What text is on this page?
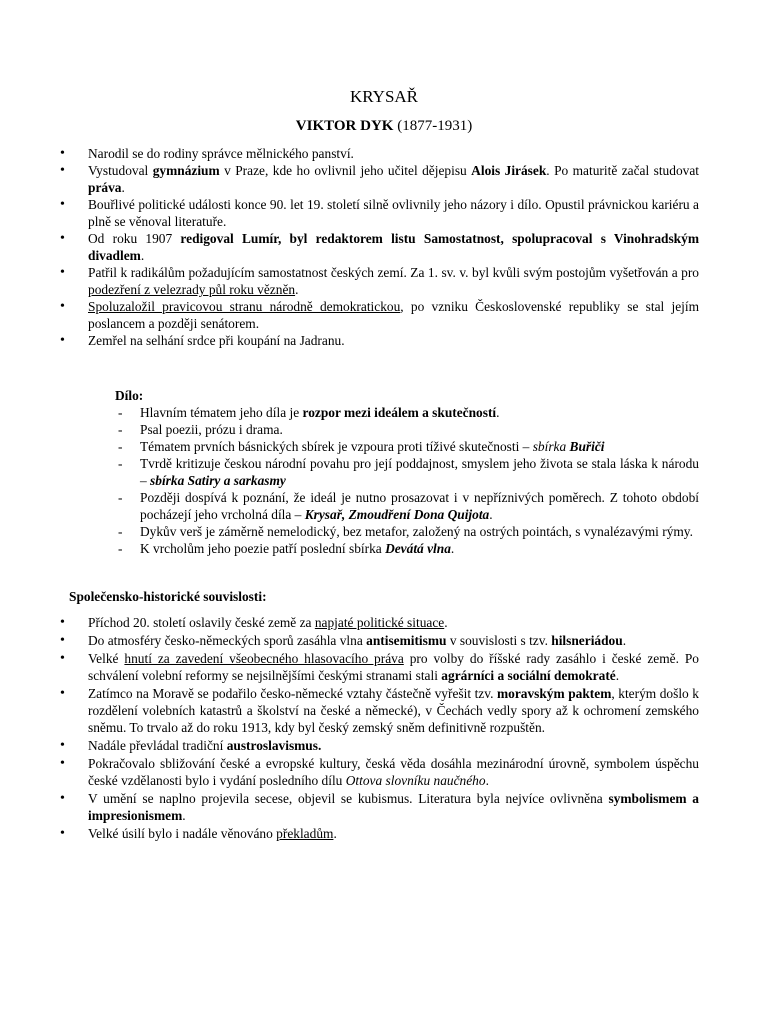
KRYSAŘ
VIKTOR DYK (1877-1931)
• Narodil se do rodiny správce mělnického panství.
• Vystudoval gymnázium v Praze, kde ho ovlivnil jeho učitel dějepisu Alois Jirásek. Po maturitě začal studovat práva.
• Bouřlivé politické události konce 90. let 19. století silně ovlivnily jeho názory i dílo. Opustil právnickou kariéru a plně se věnoval literatuře.
• Od roku 1907 redigoval Lumír, byl redaktorem listu Samostatnost, spolupracoval s Vinohradským divadlem.
• Patřil k radikálům požadujícím samostatnost českých zemí. Za 1. sv. v. byl kvůli svým postojům vyšetřován a pro podezření z velezrady půl roku vězněn.
• Spoluzaložil pravicovou stranu národně demokratickou, po vzniku Československé republiky se stal jejím poslancem a později senátorem.
• Zemřel na selhání srdce při koupání na Jadranu.
Dílo:
- Hlavním tématem jeho díla je rozpor mezi ideálem a skutečností.
- Psal poezii, prózu i drama.
- Tématem prvních básnických sbírek je vzpoura proti tíživé skutečnosti – sbírka Buřiči
- Tvrdě kritizuje českou národní povahu pro její poddajnost, smyslem jeho života se stala láska k národu – sbírka Satiry a sarkasmy
- Později dospívá k poznání, že ideál je nutno prosazovat i v nepříznivých poměrech. Z tohoto období pocházejí jeho vrcholná díla – Krysař, Zmoudření Dona Quijota.
- Dykův verš je záměrně nemelodický, bez metafor, založený na ostrých pointách, s vynalézavými rýmy.
- K vrcholům jeho poezie patří poslední sbírka Devátá vlna.
Společensko-historické souvislosti:
• Příchod 20. století oslavily české země za napjaté politické situace.
• Do atmosféry česko-německých sporů zasáhla vlna antisemitismu v souvislosti s tzv. hilsneriádou.
• Velké hnutí za zavedení všeobecného hlasovacího práva pro volby do říšské rady zasáhlo i české země. Po schválení volební reformy se nejsilnějšími českými stranami stali agrárníci a sociální demokraté.
• Zatímco na Moravě se podařilo česko-německé vztahy částečně vyřešit tzv. moravským paktem, kterým došlo k rozdělení volebních katastrů a školství na české a německé), v Čechách vedly spory až k ochromení zemského sněmu. To trvalo až do roku 1913, kdy byl český zemský sněm definitivně rozpuštěn.
• Nadále převládal tradiční austroslavismus.
• Pokračovalo sbližování české a evropské kultury, česká věda dosáhla mezinárodní úrovně, symbolem úspěchu české vzdělanosti bylo i vydání posledního dílu Ottova slovníku naučného.
• V umění se naplno projevila secese, objevil se kubismus. Literatura byla nejvíce ovlivněna symbolismem a impresionismem.
• Velké úsilí bylo i nadále věnováno překladům.
